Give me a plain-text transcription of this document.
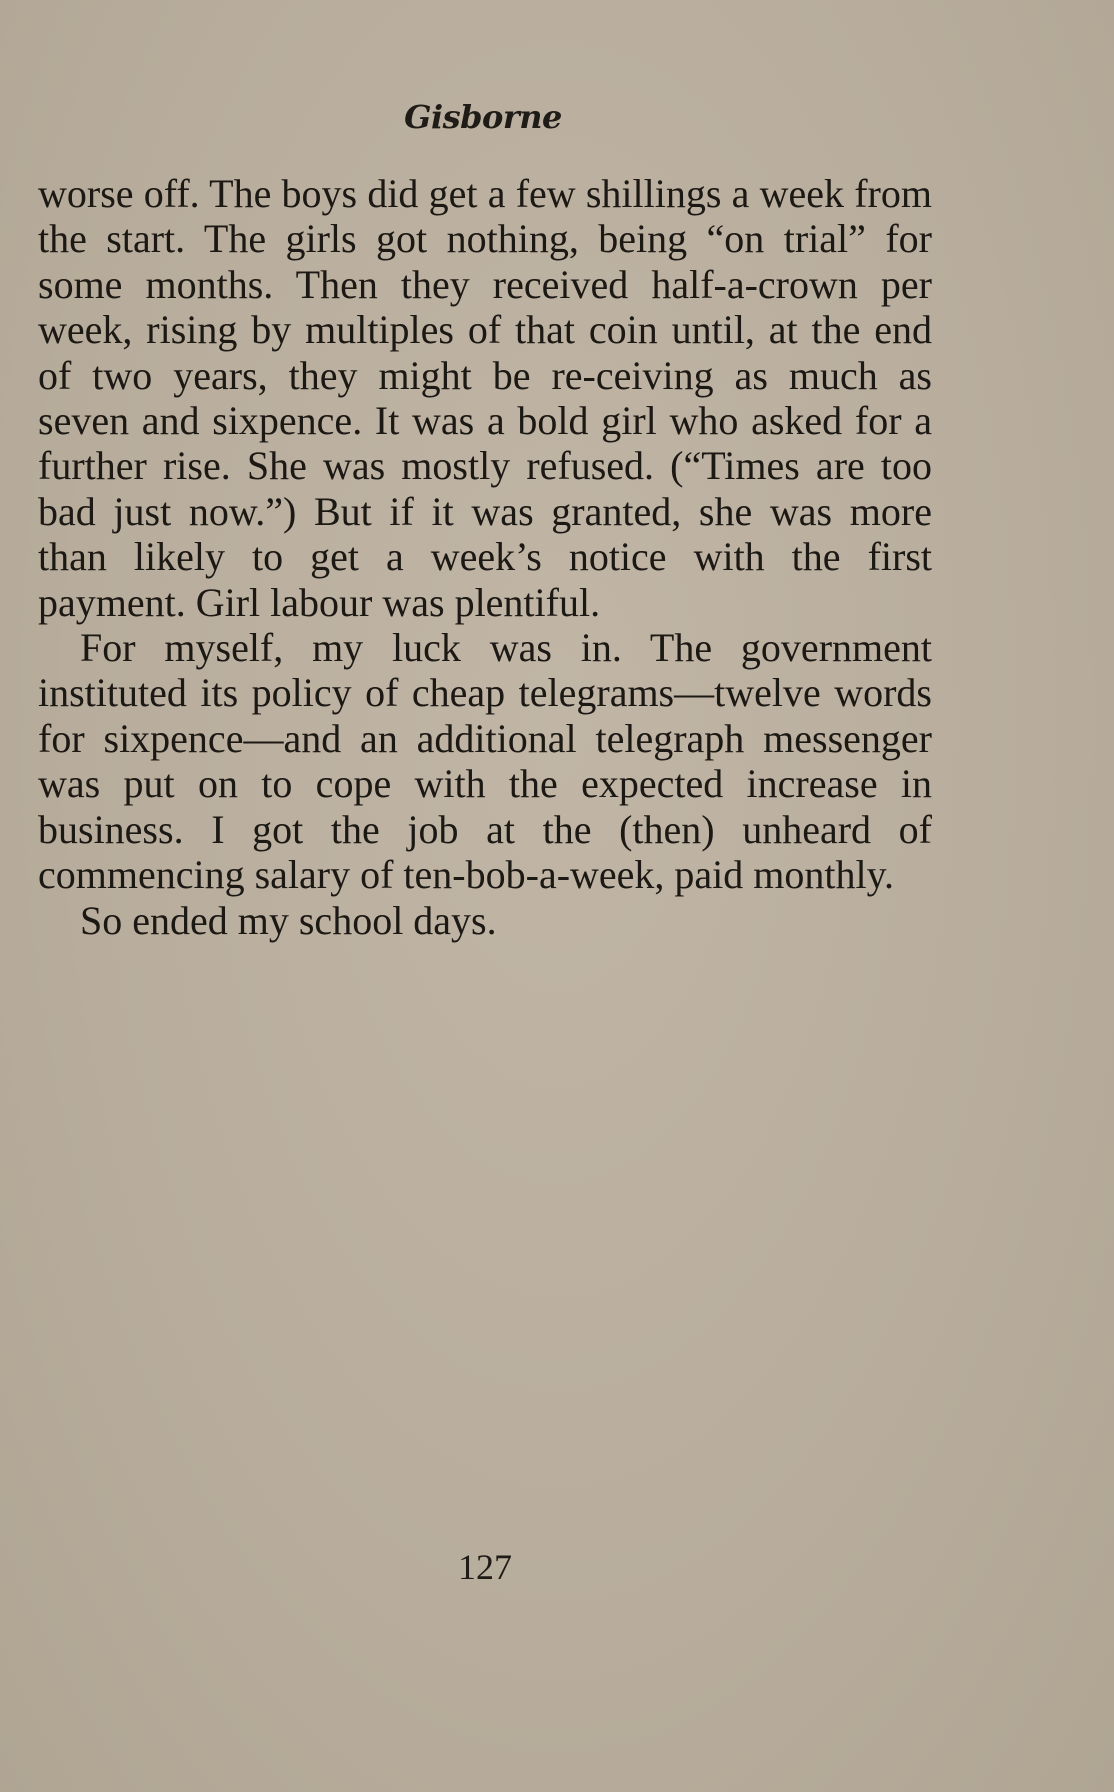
Gisborne

worse off. The boys did get a few shillings a week from the start. The girls got nothing, being “on trial” for some months. Then they received half-a-crown per week, rising by multiples of that coin until, at the end of two years, they might be re-ceiving as much as seven and sixpence. It was a bold girl who asked for a further rise. She was mostly refused. (“Times are too bad just now.”) But if it was granted, she was more than likely to get a week’s notice with the first payment. Girl labour was plentiful.

For myself, my luck was in. The government instituted its policy of cheap telegrams—twelve words for sixpence—and an additional telegraph messenger was put on to cope with the expected increase in business. I got the job at the (then) unheard of commencing salary of ten-bob-a-week, paid monthly.

So ended my school days.

127
